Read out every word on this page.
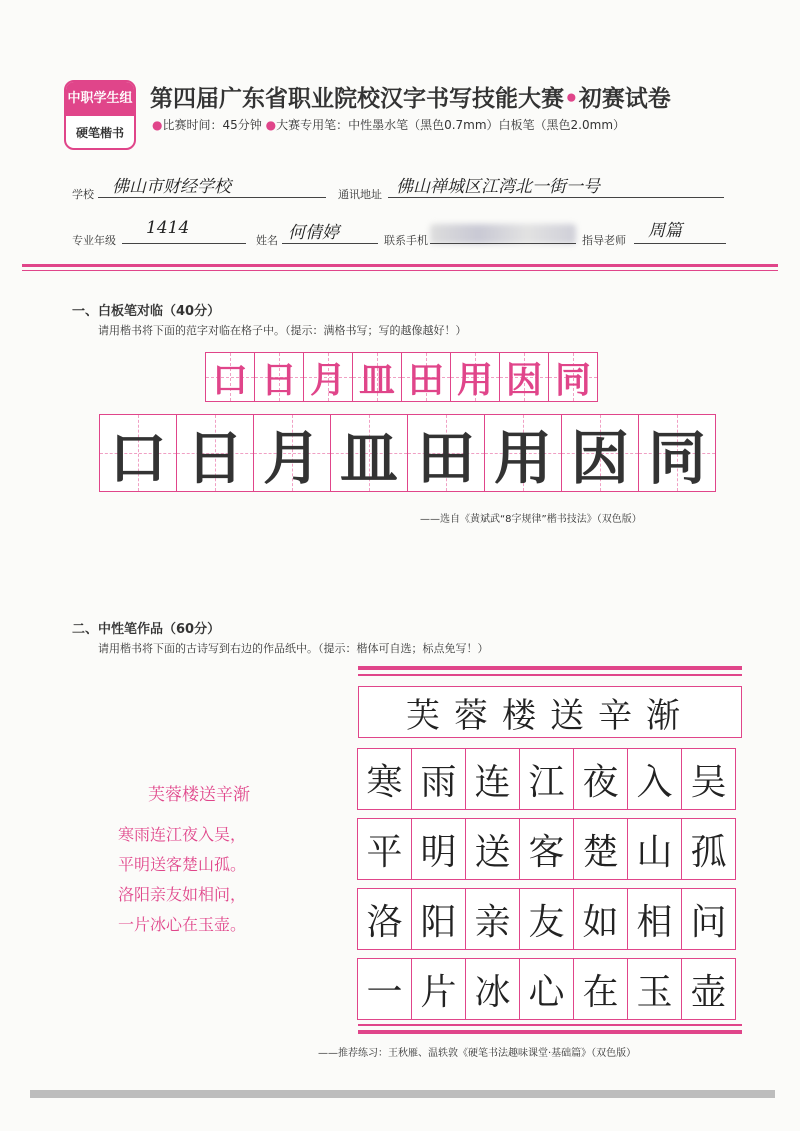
中职学生组
硬笔楷书
第四届广东省职业院校汉字书写技能大赛•初赛试卷
●比赛时间：45分钟 ●大赛专用笔：中性墨水笔（黑色0.7mm）白板笔（黑色2.0mm）
学校 佛山市财经学校	通讯地址 佛山禅城区江湾北一街一号
专业年级
1414
姓名 何倩婷	联系手机	指导老师 周篇
一、白板笔对临（40分）
请用楷书将下面的范字对临在格子中。（提示：满格书写；写的越像越好！）
口 日 月 皿 田 用 因 同
口 日 月 皿 田 用 因 同
——选自《黄斌武“8字规律”楷书技法》（双色版）
二、中性笔作品（60分）
请用楷书将下面的古诗写到右边的作品纸中。（提示：楷体可自选；标点免写！）
芙蓉楼送辛渐
寒雨连江夜入吴，
平明送客楚山孤。
洛阳亲友如相问，
一片冰心在玉壶。
芙蓉楼送辛渐
寒 雨 连 江 夜 入 吴
平 明 送 客 楚 山 孤
洛 阳 亲 友 如 相 问
一 片 冰 心 在 玉 壶
——推荐练习：王秋雁、温轶敦《硬笔书法趣味课堂·基础篇》（双色版）
